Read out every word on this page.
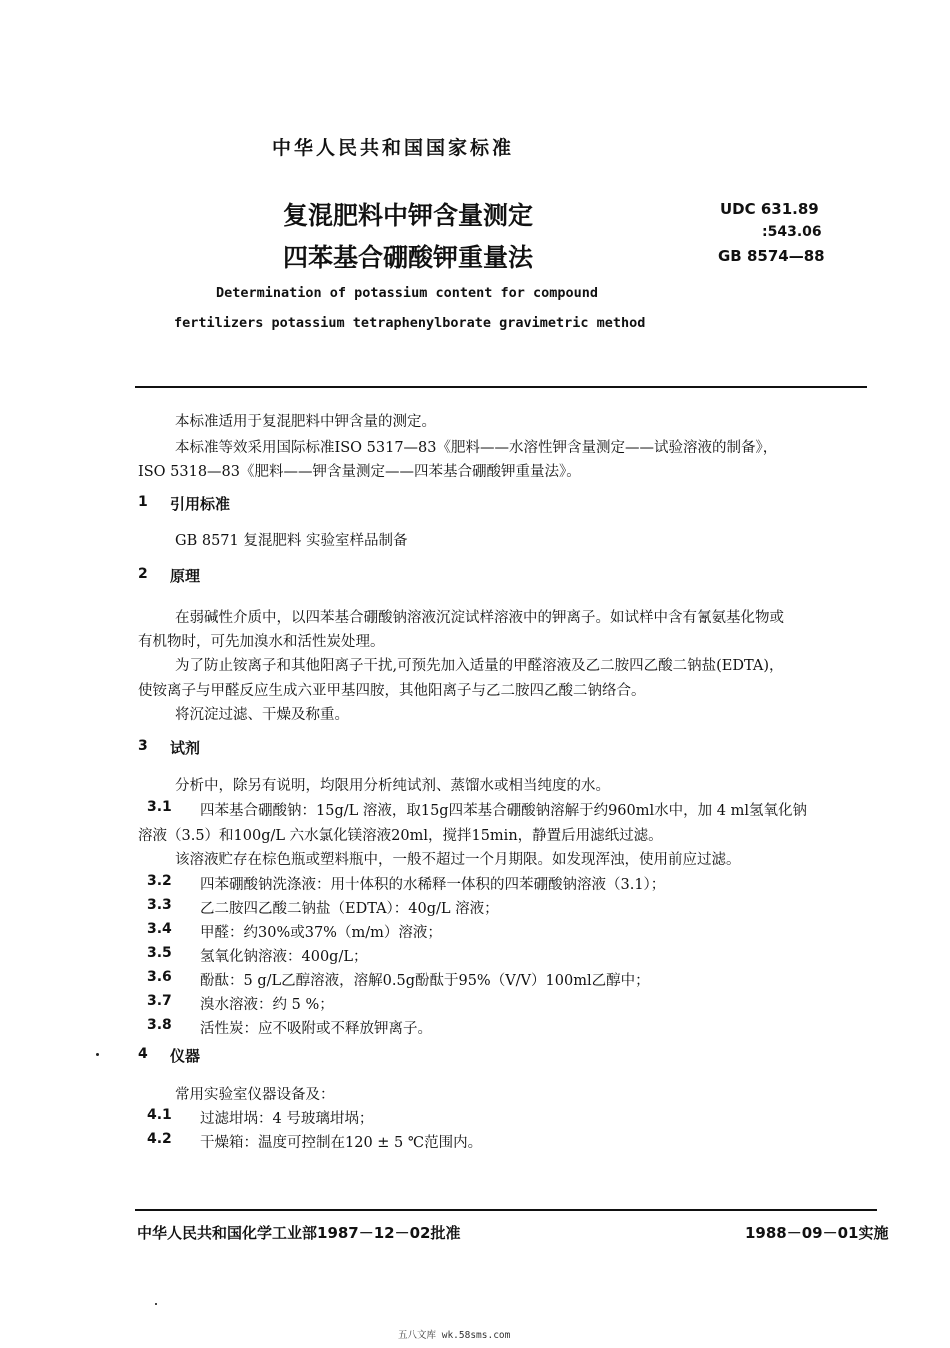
中华人民共和国国家标准
复混肥料中钾含量测定
四苯基合硼酸钾重量法
UDC 631.89
:543.06
GB 8574—88
Determination of potassium content for compound
fertilizers potassium tetraphenylborate gravimetric method
本标准适用于复混肥料中钾含量的测定。
本标准等效采用国际标准ISO 5317—83《肥料——水溶性钾含量测定——试验溶液的制备》，
ISO 5318—83《肥料——钾含量测定——四苯基合硼酸钾重量法》。
1 引用标准
GB 8571 复混肥料 实验室样品制备
2 原理
在弱碱性介质中，以四苯基合硼酸钠溶液沉淀试样溶液中的钾离子。如试样中含有氰氨基化物或
有机物时，可先加溴水和活性炭处理。
为了防止铵离子和其他阳离子干扰,可预先加入适量的甲醛溶液及乙二胺四乙酸二钠盐(EDTA)，
使铵离子与甲醛反应生成六亚甲基四胺，其他阳离子与乙二胺四乙酸二钠络合。
将沉淀过滤、干燥及称重。
3 试剂
分析中，除另有说明，均限用分析纯试剂、蒸馏水或相当纯度的水。
3.1 四苯基合硼酸钠：15g/L 溶液，取15g四苯基合硼酸钠溶解于约960ml水中，加 4 ml氢氧化钠
溶液（3.5）和100g/L 六水氯化镁溶液20ml，搅拌15min，静置后用滤纸过滤。
该溶液贮存在棕色瓶或塑料瓶中，一般不超过一个月期限。如发现浑浊，使用前应过滤。
3.2 四苯硼酸钠洗涤液：用十体积的水稀释一体积的四苯硼酸钠溶液（3.1）；
3.3 乙二胺四乙酸二钠盐（EDTA）：40g/L 溶液；
3.4 甲醛：约30%或37%（m/m）溶液；
3.5 氢氧化钠溶液：400g/L；
3.6 酚酞：5 g/L乙醇溶液，溶解0.5g酚酞于95%（V/V）100ml乙醇中；
3.7 溴水溶液：约 5 %；
3.8 活性炭：应不吸附或不释放钾离子。
4 仪器
常用实验室仪器设备及：
4.1 过滤坩埚：4 号玻璃坩埚；
4.2 干燥箱：温度可控制在120 ± 5 ℃范围内。
中华人民共和国化学工业部1987－12－02批准	1988－09－01实施
五八文库 wk.58sms.com
